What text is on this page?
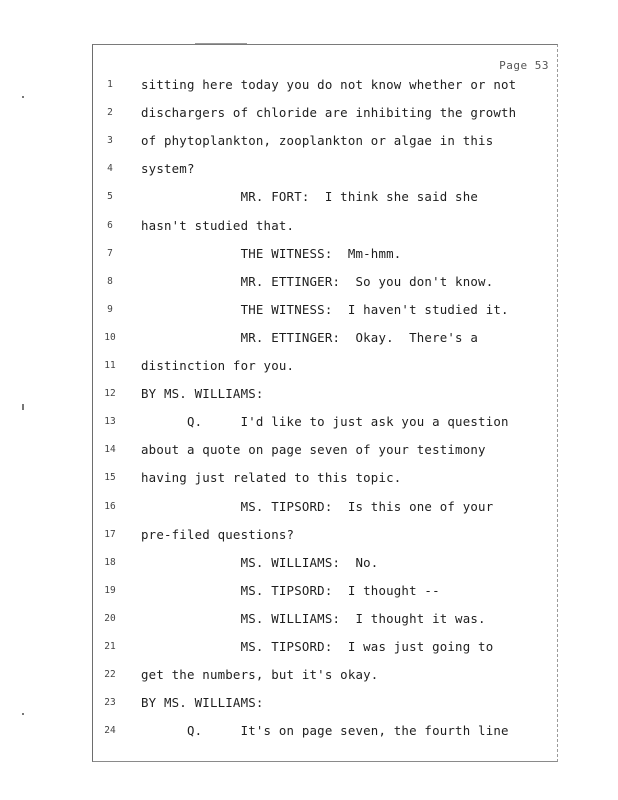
Page 53
1	sitting here today you do not know whether or not
2	dischargers of chloride are inhibiting the growth
3	of phytoplankton, zooplankton or algae in this
4	system?
5	MR. FORT:  I think she said she
6	hasn't studied that.
7	THE WITNESS:  Mm-hmm.
8	MR. ETTINGER:  So you don't know.
9	THE WITNESS:  I haven't studied it.
10	MR. ETTINGER:  Okay.  There's a
11	distinction for you.
12	BY MS. WILLIAMS:
13	Q.     I'd like to just ask you a question
14	about a quote on page seven of your testimony
15	having just related to this topic.
16	MS. TIPSORD:  Is this one of your
17	pre-filed questions?
18	MS. WILLIAMS:  No.
19	MS. TIPSORD:  I thought --
20	MS. WILLIAMS:  I thought it was.
21	MS. TIPSORD:  I was just going to
22	get the numbers, but it's okay.
23	BY MS. WILLIAMS:
24	Q.     It's on page seven, the fourth line
